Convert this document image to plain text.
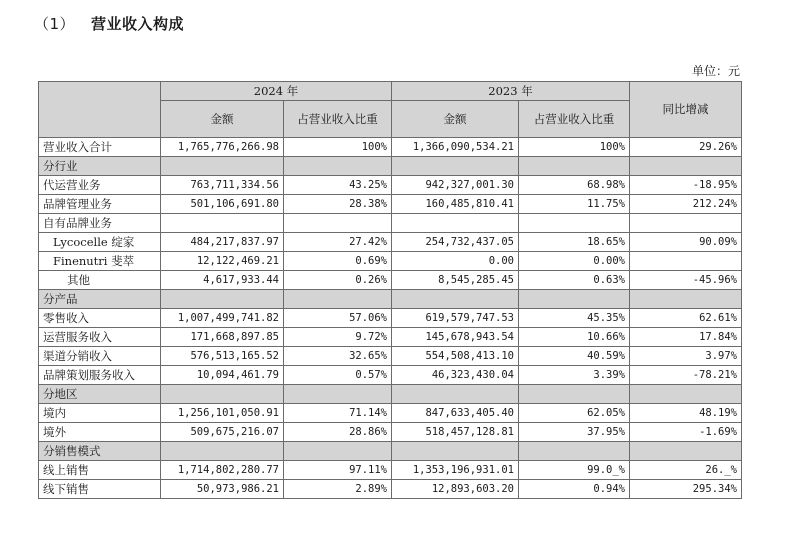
（1） 营业收入构成
单位：元
	2024 年		2023 年		同比增减
	金额	占营业收入比重	金额	占营业收入比重	
营业收入合计	1,765,776,266.98	100%	1,366,090,534.21	100%	29.26%
分行业					
代运营业务	763,711,334.56	43.25%	942,327,001.30	68.98%	-18.95%
品牌管理业务	501,106,691.80	28.38%	160,485,810.41	11.75%	212.24%
自有品牌业务					
Lycocelle 绽家	484,217,837.97	27.42%	254,732,437.05	18.65%	90.09%
Finenutri 斐萃	12,122,469.21	0.69%	0.00	0.00%	
其他	4,617,933.44	0.26%	8,545,285.45	0.63%	-45.96%
分产品					
零售收入	1,007,499,741.82	57.06%	619,579,747.53	45.35%	62.61%
运营服务收入	171,668,897.85	9.72%	145,678,943.54	10.66%	17.84%
渠道分销收入	576,513,165.52	32.65%	554,508,413.10	40.59%	3.97%
品牌策划服务收入	10,094,461.79	0.57%	46,323,430.04	3.39%	-78.21%
分地区					
境内	1,256,101,050.91	71.14%	847,633,405.40	62.05%	48.19%
境外	509,675,216.07	28.86%	518,457,128.81	37.95%	-1.69%
分销售模式					
线上销售	1,714,802,280.77	97.11%	1,353,196,931.01	99.0_%	26._%
线下销售	50,973,986.21	2.89%	12,893,603.20	0.94%	295.34%
